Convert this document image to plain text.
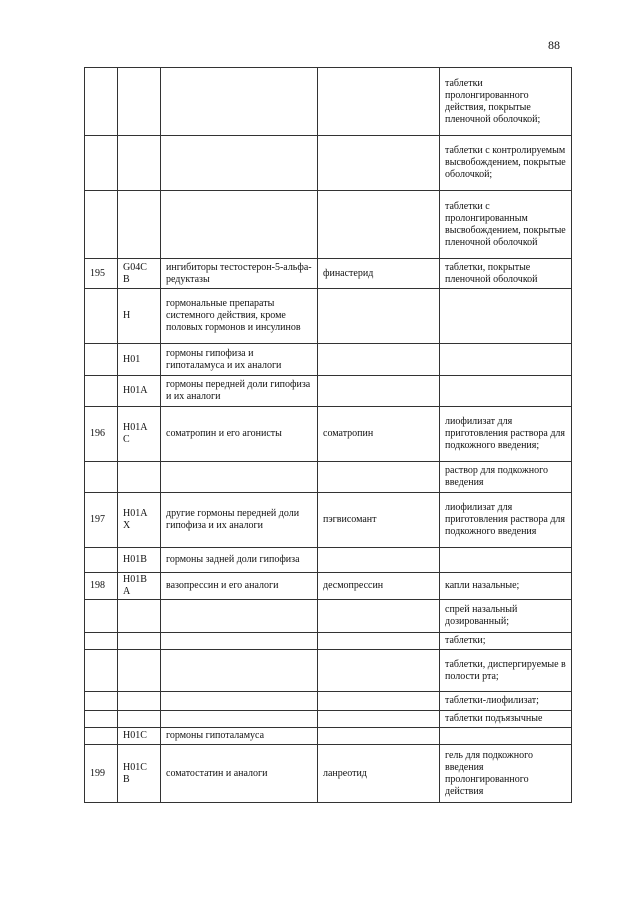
88
				таблетки пролонгированного действия, покрытые пленочной оболочкой;
				таблетки с контролируемым высвобождением, покрытые оболочкой;
				таблетки с пролонгированным высвобождением, покрытые пленочной оболочкой
195	G04C В	ингибиторы тестостерон-5-альфа-редуктазы	финастерид	таблетки, покрытые пленочной оболочкой
	H	гормональные препараты системного действия, кроме половых гормонов и инсулинов		
	H01	гормоны гипофиза и гипоталамуса и их аналоги		
	H01A	гормоны передней доли гипофиза и их аналоги		
196	H01A С	соматропин и его агонисты	соматропин	лиофилизат для приготовления раствора для подкожного введения;
				раствор для подкожного введения
197	H01A X	другие гормоны передней доли гипофиза и их аналоги	пэгвисомант	лиофилизат для приготовления раствора для подкожного введения
	H01B	гормоны задней доли гипофиза		
198	H01B А	вазопрессин и его аналоги	десмопрессин	капли назальные;
				спрей назальный дозированный;
				таблетки;
				таблетки, диспергируемые в полости рта;
				таблетки-лиофилизат;
				таблетки подъязычные
	H01C	гормоны гипоталамуса		
199	H01C В	соматостатин и аналоги	ланреотид	гель для подкожного введения пролонгированного действия
